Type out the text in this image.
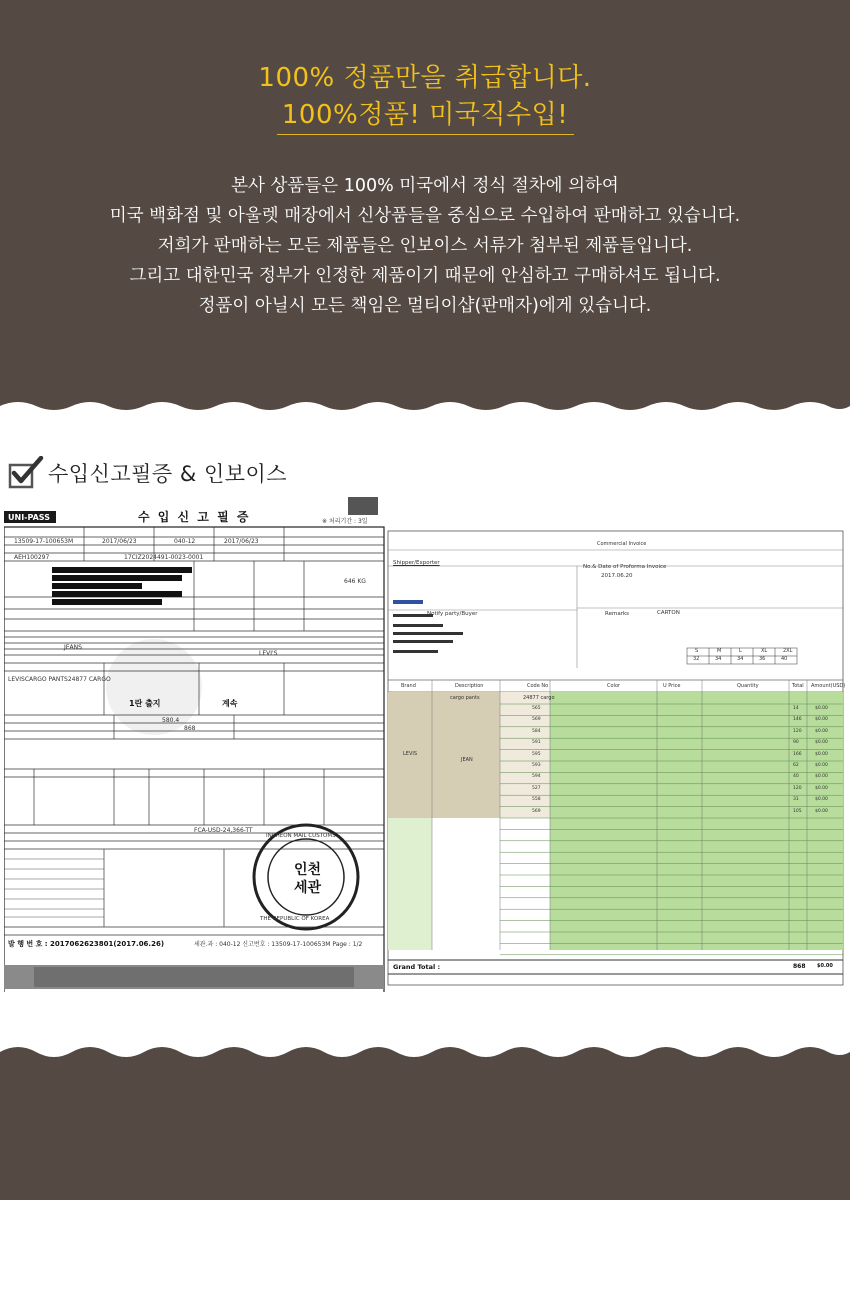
100% 정품만을 취급합니다.
100%정품! 미국직수입!
본사 상품들은 100% 미국에서 정식 절차에 의하여
미국 백화점 및 아울렛 매장에서 신상품들을 중심으로 수입하여 판매하고 있습니다.
저희가 판매하는 모든 제품들은 인보이스 서류가 첨부된 제품들입니다.
그리고 대한민국 정부가 인정한 제품이기 때문에 안심하고 구매하셔도 됩니다.
정품이 아닐시 모든 책임은 멀티이샵(판매자)에게 있습니다.
수입신고필증 & 인보이스
UNI-PASS	수 입 신 고 필 증	※ 처리기간 : 3일
13509-17-100653M	2017/06/23	040-12	2017/06/23
AEH100297	17CIZ2024491-0023-0001
646 KG
JEANS
LEVI'S
LEVISCARGO PANTS24877 CARGO
1란 출지	계속
580.4
868
FCA-USD-24,366-TT
인천
세관
INCHEON MAIL CUSTOMS
THE REPUBLIC OF KOREA
발 행 번 호 : 2017062623801(2017.06.26)	세관.과 : 040-12 신고번호 : 13509-17-100653M Page : 1/2
Commercial Invoice
Shipper/Exporter
No.& Date of Proforma Invoice
2017.06.20
Notify party/Buyer	Remarks	CARTON
S	M	L	XL	2XL
32	34	34	36	40
Brand	Description	Code No	Color	U Price	Quantity	Total Amount(USD)
LEVIS
cargo pants
JEAN
24877 cargo
565	14	$0.00
569	146	$0.00
584	120	$0.00
591	90	$0.00
595	166	$0.00
593	62	$0.00
594	40	$0.00
527	120	$0.00
558	31	$0.00
569	105	$0.00
Grand Total :	868 $0.00
